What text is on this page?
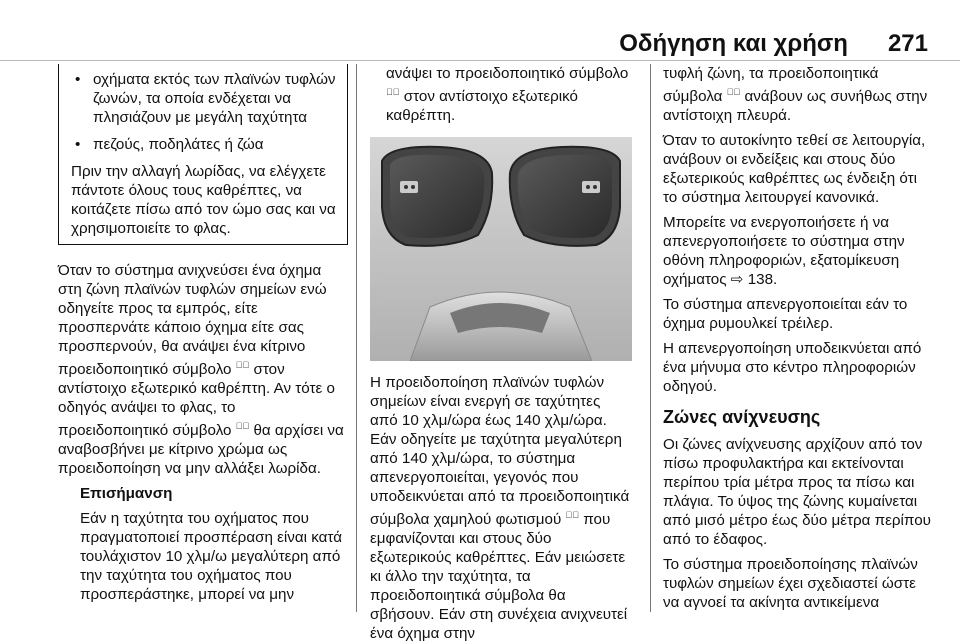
Οδήγηση και χρήση 271
• οχήματα εκτός των πλαϊνών τυφλών ζωνών, τα οποία ενδέχεται να πλησιάζουν με μεγάλη ταχύτητα
• πεζούς, ποδηλάτες ή ζώα

Πριν την αλλαγή λωρίδας, να ελέγχετε πάντοτε όλους τους καθρέπτες, να κοιτάζετε πίσω από τον ώμο σας και να χρησιμοποιείτε το φλας.

Όταν το σύστημα ανιχνεύσει ένα όχημα στη ζώνη πλαϊνών τυφλών σημείων ενώ οδηγείτε προς τα εμπρός, είτε προσπερνάτε κάποιο όχημα είτε σας προσπερνούν, θα ανάψει ένα κίτρινο προειδοποιητικό σύμβολο ⁎⃞ στον αντίστοιχο εξωτερικό καθρέπτη. Αν τότε ο οδηγός ανάψει το φλας, το προειδοποιητικό σύμβολο ⁎⃞ θα αρχίσει να αναβοσβήνει με κίτρινο χρώμα ως προειδοποίηση να μην αλλάξει λωρίδα.

Επισήμανση

Εάν η ταχύτητα του οχήματος που πραγματοποιεί προσπέραση είναι κατά τουλάχιστον 10 χλμ/ω μεγαλύτερη από την ταχύτητα του οχήματος που προσπεράστηκε, μπορεί να μην

ανάψει το προειδοποιητικό σύμβολο ⁎⃞ στον αντίστοιχο εξωτερικό καθρέπτη.

Η προειδοποίηση πλαϊνών τυφλών σημείων είναι ενεργή σε ταχύτητες από 10 χλμ/ώρα έως 140 χλμ/ώρα. Εάν οδηγείτε με ταχύτητα μεγαλύτερη από 140 χλμ/ώρα, το σύστημα απενεργοποιείται, γεγονός που υποδεικνύεται από τα προειδοποιητικά σύμβολα χαμηλού φωτισμού ⁎⃞ που εμφανίζονται και στους δύο εξωτερικούς καθρέπτες. Εάν μειώσετε κι άλλο την ταχύτητα, τα προειδοποιητικά σύμβολα θα σβήσουν. Εάν στη συνέχεια ανιχνευτεί ένα όχημα στην

τυφλή ζώνη, τα προειδοποιητικά σύμβολα ⁎⃞ ανάβουν ως συνήθως στην αντίστοιχη πλευρά.

Όταν το αυτοκίνητο τεθεί σε λειτουργία, ανάβουν οι ενδείξεις και στους δύο εξωτερικούς καθρέπτες ως ένδειξη ότι το σύστημα λειτουργεί κανονικά.

Μπορείτε να ενεργοποιήσετε ή να απενεργοποιήσετε το σύστημα στην οθόνη πληροφοριών, εξατομίκευση οχήματος ⇨ 138.

Το σύστημα απενεργοποιείται εάν το όχημα ρυμουλκεί τρέιλερ.

Η απενεργοποίηση υποδεικνύεται από ένα μήνυμα στο κέντρο πληροφοριών οδηγού.

Ζώνες ανίχνευσης

Οι ζώνες ανίχνευσης αρχίζουν από τον πίσω προφυλακτήρα και εκτείνονται περίπου τρία μέτρα προς τα πίσω και πλάγια. Το ύψος της ζώνης κυμαίνεται από μισό μέτρο έως δύο μέτρα περίπου από το έδαφος.

Το σύστημα προειδοποίησης πλαϊνών τυφλών σημείων έχει σχεδιαστεί ώστε να αγνοεί τα ακίνητα αντικείμενα
